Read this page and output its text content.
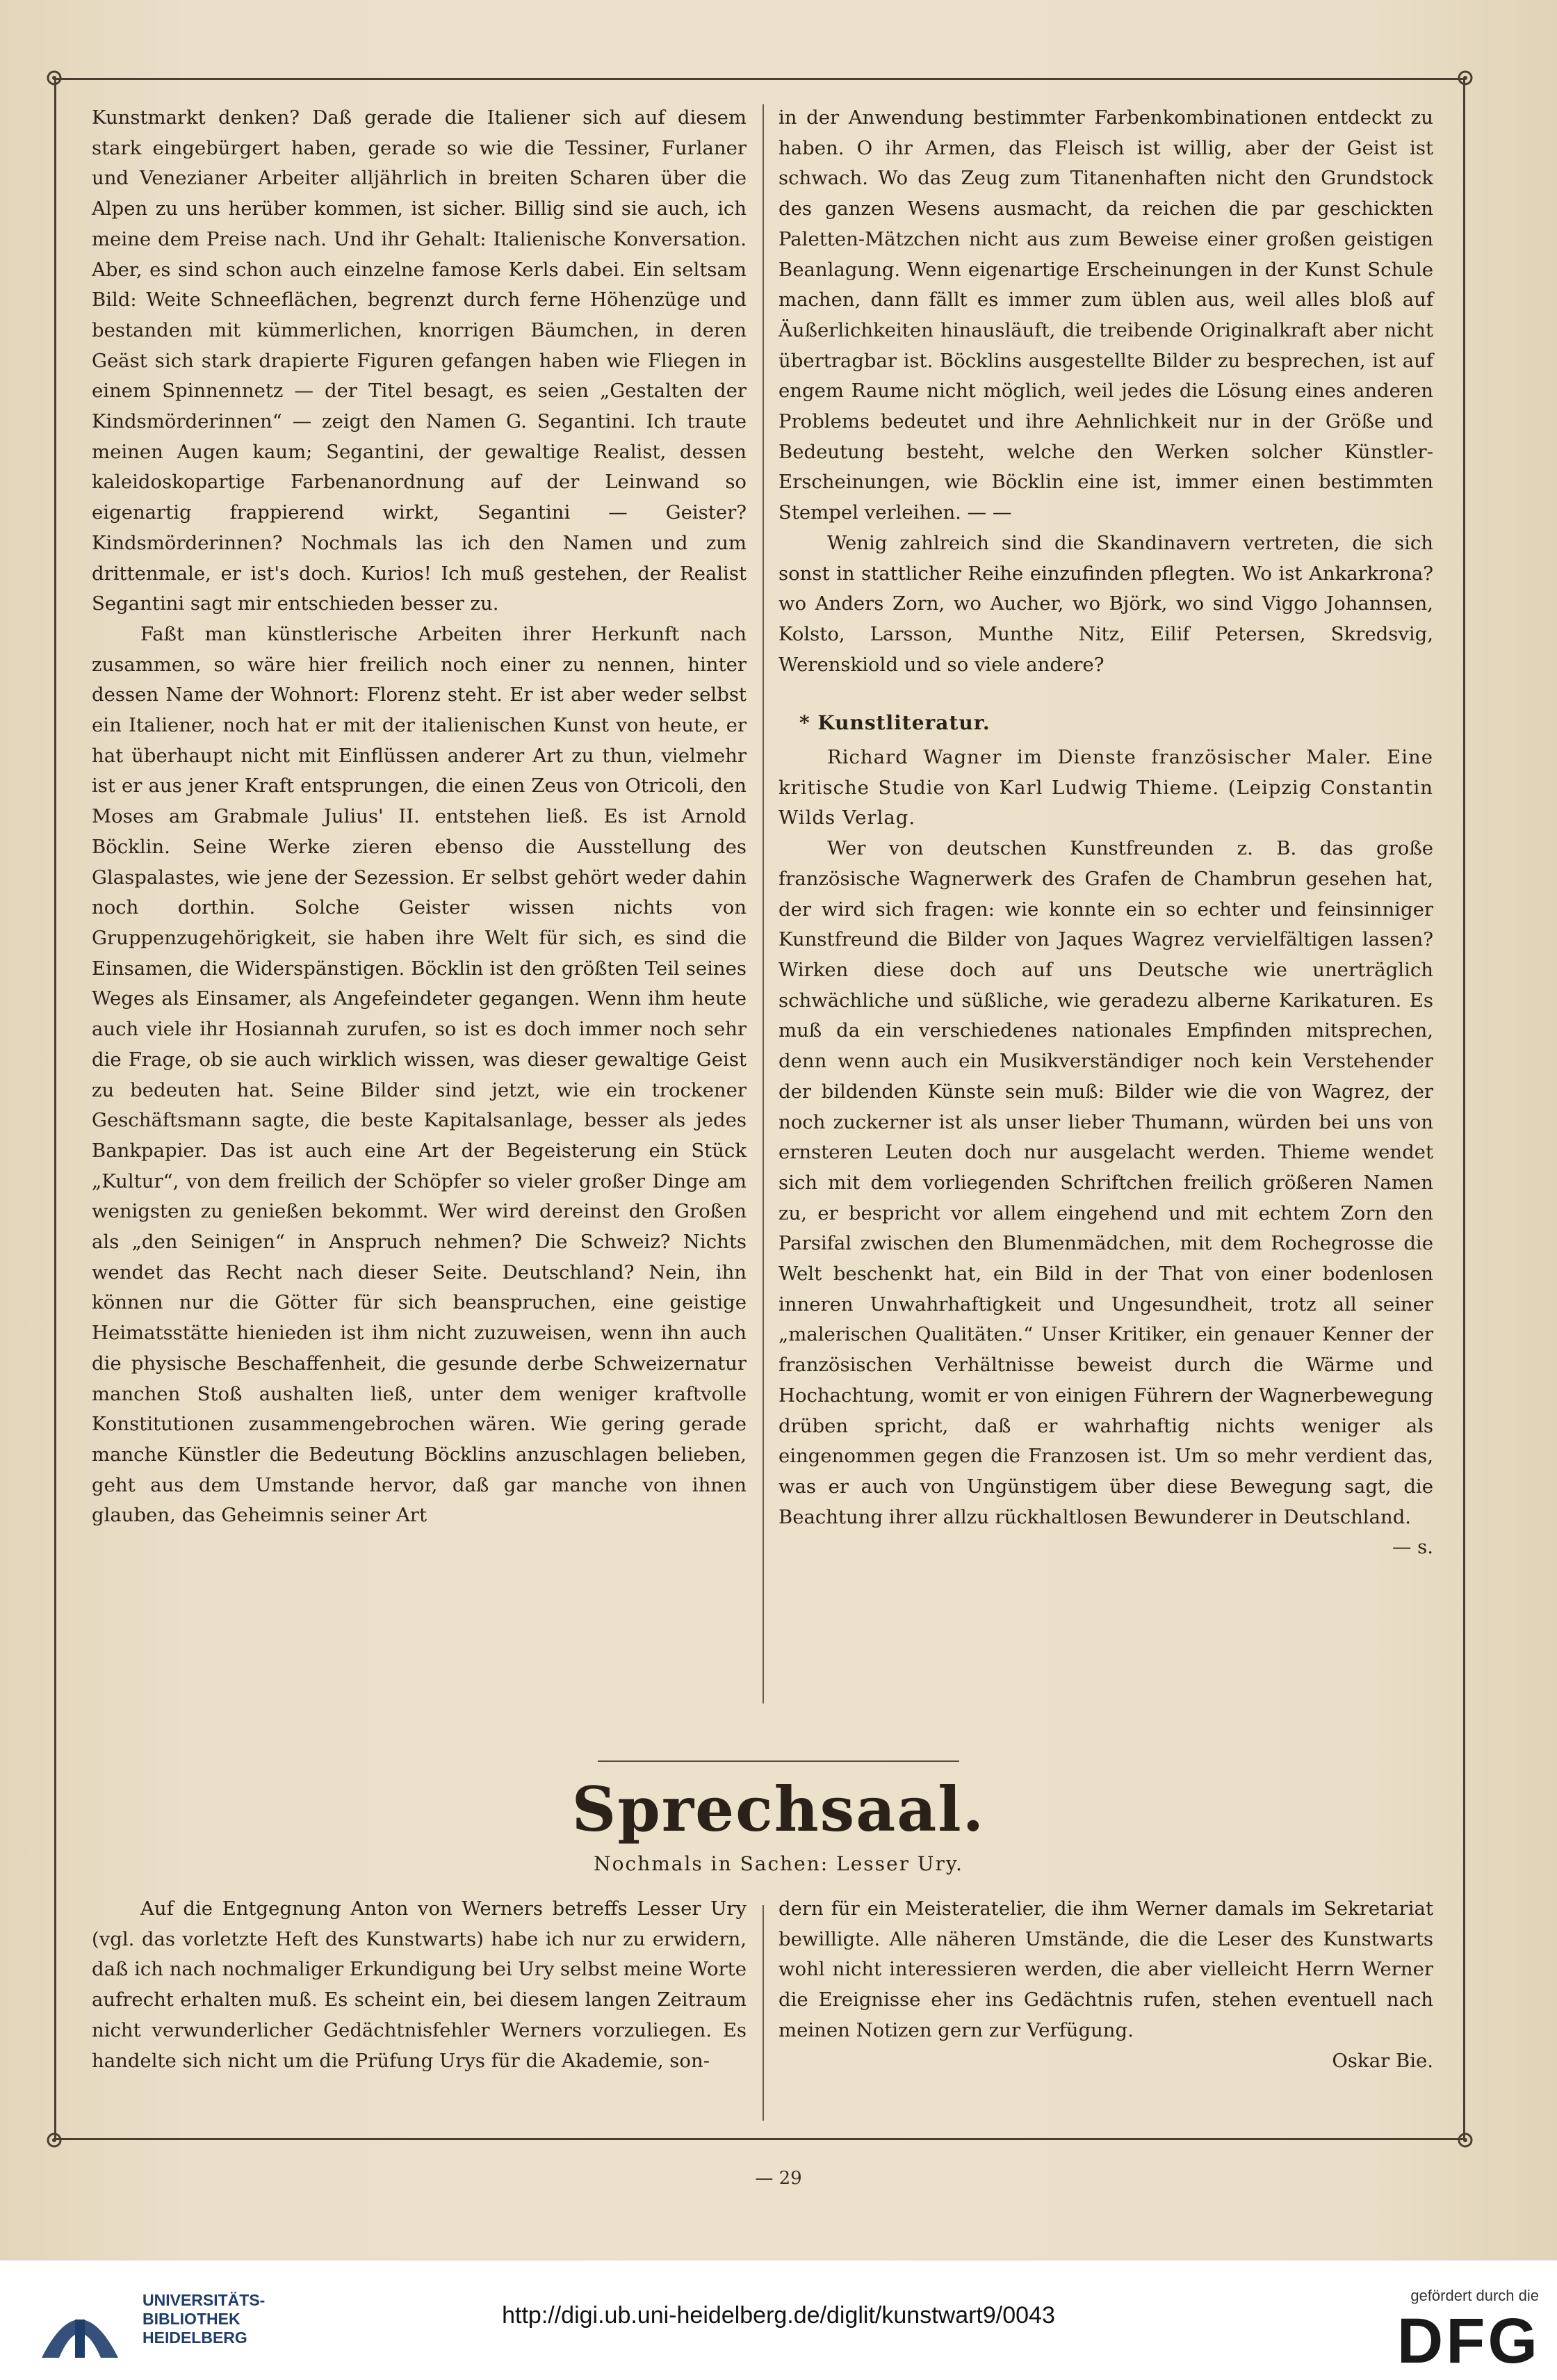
Kunstmarkt denken? Daß gerade die Italiener sich auf diesem stark eingebürgert haben, gerade so wie die Tessiner, Furlaner und Venezianer Arbeiter alljährlich in breiten Scharen über die Alpen zu uns herüber kommen, ist sicher. Billig sind sie auch, ich meine dem Preise nach. Und ihr Gehalt: Italienische Konversation. Aber, es sind schon auch einzelne famose Kerls dabei. Ein seltsam Bild: Weite Schneeflächen, begrenzt durch ferne Höhenzüge und bestanden mit kümmerlichen, knorrigen Bäumchen, in deren Geäst sich stark drapierte Figuren gefangen haben wie Fliegen in einem Spinnennetz — der Titel besagt, es seien „Gestalten der Kindsmörderinnen“ — zeigt den Namen G. Segantini. Ich traute meinen Augen kaum; Segantini, der gewaltige Realist, dessen kaleidoskopartige Farbenanordnung auf der Leinwand so eigenartig frappierend wirkt, Segantini — Geister? Kindsmörderinnen? Nochmals las ich den Namen und zum drittenmale, er ist's doch. Kurios! Ich muß gestehen, der Realist Segantini sagt mir entschieden besser zu.

Faßt man künstlerische Arbeiten ihrer Herkunft nach zusammen, so wäre hier freilich noch einer zu nennen, hinter dessen Name der Wohnort: Florenz steht. Er ist aber weder selbst ein Italiener, noch hat er mit der italienischen Kunst von heute, er hat überhaupt nicht mit Einflüssen anderer Art zu thun, vielmehr ist er aus jener Kraft entsprungen, die einen Zeus von Otricoli, den Moses am Grabmale Julius' II. entstehen ließ. Es ist Arnold Böcklin. Seine Werke zieren ebenso die Ausstellung des Glaspalastes, wie jene der Sezession. Er selbst gehört weder dahin noch dorthin. Solche Geister wissen nichts von Gruppenzugehörigkeit, sie haben ihre Welt für sich, es sind die Einsamen, die Widerspänstigen. Böcklin ist den größten Teil seines Weges als Einsamer, als Angefeindeter gegangen. Wenn ihm heute auch viele ihr Hosiannah zurufen, so ist es doch immer noch sehr die Frage, ob sie auch wirklich wissen, was dieser gewaltige Geist zu bedeuten hat. Seine Bilder sind jetzt, wie ein trockener Geschäftsmann sagte, die beste Kapitalsanlage, besser als jedes Bankpapier. Das ist auch eine Art der Begeisterung ein Stück „Kultur“, von dem freilich der Schöpfer so vieler großer Dinge am wenigsten zu genießen bekommt. Wer wird dereinst den Großen als „den Seinigen“ in Anspruch nehmen? Die Schweiz? Nichts wendet das Recht nach dieser Seite. Deutschland? Nein, ihn können nur die Götter für sich beanspruchen, eine geistige Heimatsstätte hienieden ist ihm nicht zuzuweisen, wenn ihn auch die physische Beschaffenheit, die gesunde derbe Schweizernatur manchen Stoß aushalten ließ, unter dem weniger kraftvolle Konstitutionen zusammengebrochen wären. Wie gering gerade manche Künstler die Bedeutung Böcklins anzuschlagen belieben, geht aus dem Umstande hervor, daß gar manche von ihnen glauben, das Geheimnis seiner Art

in der Anwendung bestimmter Farbenkombinationen entdeckt zu haben. O ihr Armen, das Fleisch ist willig, aber der Geist ist schwach. Wo das Zeug zum Titanenhaften nicht den Grundstock des ganzen Wesens ausmacht, da reichen die par geschickten Paletten-Mätzchen nicht aus zum Beweise einer großen geistigen Beanlagung. Wenn eigenartige Erscheinungen in der Kunst Schule machen, dann fällt es immer zum üblen aus, weil alles bloß auf Äußerlichkeiten hinausläuft, die treibende Originalkraft aber nicht übertragbar ist. Böcklins ausgestellte Bilder zu besprechen, ist auf engem Raume nicht möglich, weil jedes die Lösung eines anderen Problems bedeutet und ihre Aehnlichkeit nur in der Größe und Bedeutung besteht, welche den Werken solcher Künstler-Erscheinungen, wie Böcklin eine ist, immer einen bestimmten Stempel verleihen. — —

Wenig zahlreich sind die Skandinavern vertreten, die sich sonst in stattlicher Reihe einzufinden pflegten. Wo ist Ankarkrona? wo Anders Zorn, wo Aucher, wo Björk, wo sind Viggo Johannsen, Kolsto, Larsson, Munthe Nitz, Eilif Petersen, Skredsvig, Werenskiold und so viele andere?

* Kunstliteratur.

Richard Wagner im Dienste französischer Maler. Eine kritische Studie von Karl Ludwig Thieme. (Leipzig Constantin Wilds Verlag.

Wer von deutschen Kunstfreunden z. B. das große französische Wagnerwerk des Grafen de Chambrun gesehen hat, der wird sich fragen: wie konnte ein so echter und feinsinniger Kunstfreund die Bilder von Jaques Wagrez vervielfältigen lassen? Wirken diese doch auf uns Deutsche wie unerträglich schwächliche und süßliche, wie geradezu alberne Karikaturen. Es muß da ein verschiedenes nationales Empfinden mitsprechen, denn wenn auch ein Musikverständiger noch kein Verstehender der bildenden Künste sein muß: Bilder wie die von Wagrez, der noch zuckerner ist als unser lieber Thumann, würden bei uns von ernsteren Leuten doch nur ausgelacht werden. Thieme wendet sich mit dem vorliegenden Schriftchen freilich größeren Namen zu, er bespricht vor allem eingehend und mit echtem Zorn den Parsifal zwischen den Blumenmädchen, mit dem Rochegrosse die Welt beschenkt hat, ein Bild in der That von einer bodenlosen inneren Unwahrhaftigkeit und Ungesundheit, trotz all seiner „malerischen Qualitäten.“ Unser Kritiker, ein genauer Kenner der französischen Verhältnisse beweist durch die Wärme und Hochachtung, womit er von einigen Führern der Wagnerbewegung drüben spricht, daß er wahrhaftig nichts weniger als eingenommen gegen die Franzosen ist. Um so mehr verdient das, was er auch von Ungünstigem über diese Bewegung sagt, die Beachtung ihrer allzu rückhaltlosen Bewunderer in Deutschland.

— s.

Sprechsaal.
Nochmals in Sachen: Lesser Ury.

Auf die Entgegnung Anton von Werners betreffs Lesser Ury (vgl. das vorletzte Heft des Kunstwarts) habe ich nur zu erwidern, daß ich nach nochmaliger Erkundigung bei Ury selbst meine Worte aufrecht erhalten muß. Es scheint ein, bei diesem langen Zeitraum nicht verwunderlicher Gedächtnisfehler Werners vorzuliegen. Es handelte sich nicht um die Prüfung Urys für die Akademie, son-

dern für ein Meisteratelier, die ihm Werner damals im Sekretariat bewilligte. Alle näheren Umstände, die die Leser des Kunstwarts wohl nicht interessieren werden, die aber vielleicht Herrn Werner die Ereignisse eher ins Gedächtnis rufen, stehen eventuell nach meinen Notizen gern zur Verfügung.

Oskar Bie.

— 29
UNIVERSITÄTS-
BIBLIOTHEK
HEIDELBERG
http://digi.ub.uni-heidelberg.de/diglit/kunstwart9/0043
gefördert durch die
DFG
